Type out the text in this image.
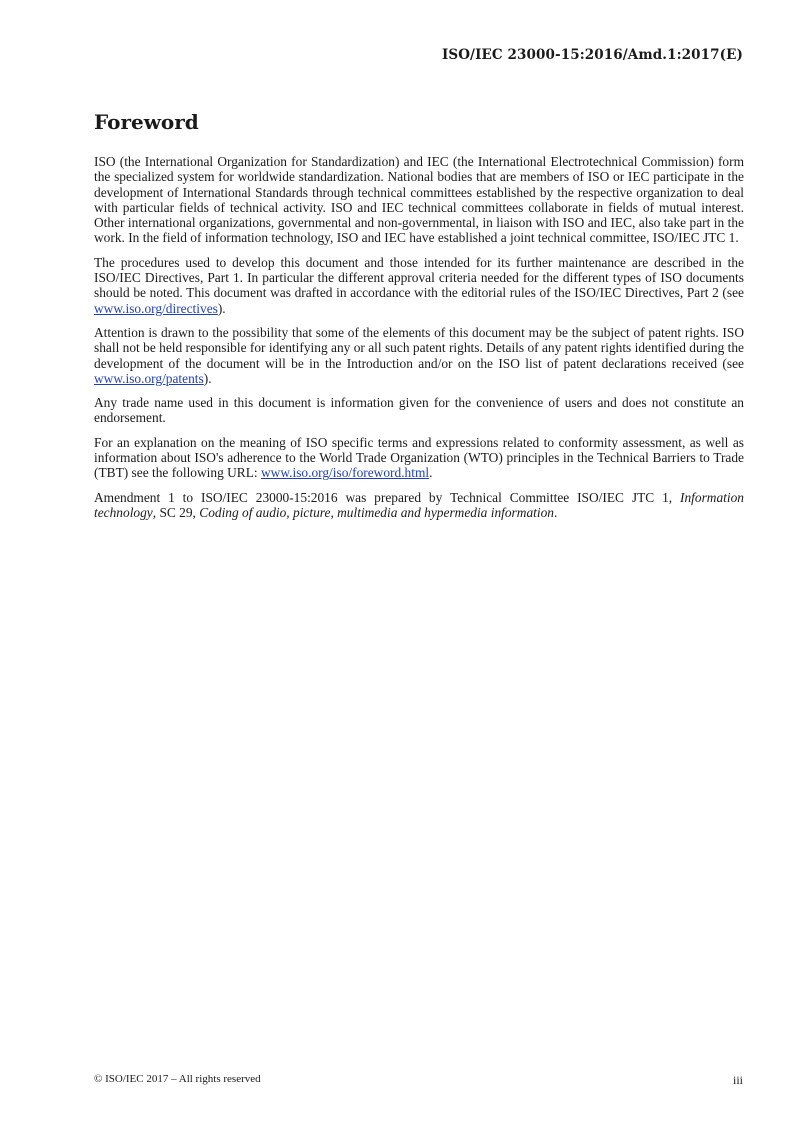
ISO/IEC 23000-15:2016/Amd.1:2017(E)

Foreword

ISO (the International Organization for Standardization) and IEC (the International Electrotechnical Commission) form the specialized system for worldwide standardization. National bodies that are members of ISO or IEC participate in the development of International Standards through technical committees established by the respective organization to deal with particular fields of technical activity. ISO and IEC technical committees collaborate in fields of mutual interest. Other international organizations, governmental and non-governmental, in liaison with ISO and IEC, also take part in the work. In the field of information technology, ISO and IEC have established a joint technical committee, ISO/IEC JTC 1.

The procedures used to develop this document and those intended for its further maintenance are described in the ISO/IEC Directives, Part 1. In particular the different approval criteria needed for the different types of ISO documents should be noted. This document was drafted in accordance with the editorial rules of the ISO/IEC Directives, Part 2 (see www.iso.org/directives).

Attention is drawn to the possibility that some of the elements of this document may be the subject of patent rights. ISO shall not be held responsible for identifying any or all such patent rights. Details of any patent rights identified during the development of the document will be in the Introduction and/or on the ISO list of patent declarations received (see www.iso.org/patents).

Any trade name used in this document is information given for the convenience of users and does not constitute an endorsement.

For an explanation on the meaning of ISO specific terms and expressions related to conformity assessment, as well as information about ISO's adherence to the World Trade Organization (WTO) principles in the Technical Barriers to Trade (TBT) see the following URL: www.iso.org/iso/foreword.html.

Amendment 1 to ISO/IEC 23000-15:2016 was prepared by Technical Committee ISO/IEC JTC 1, Information technology, SC 29, Coding of audio, picture, multimedia and hypermedia information.

© ISO/IEC 2017 – All rights reserved	iii
